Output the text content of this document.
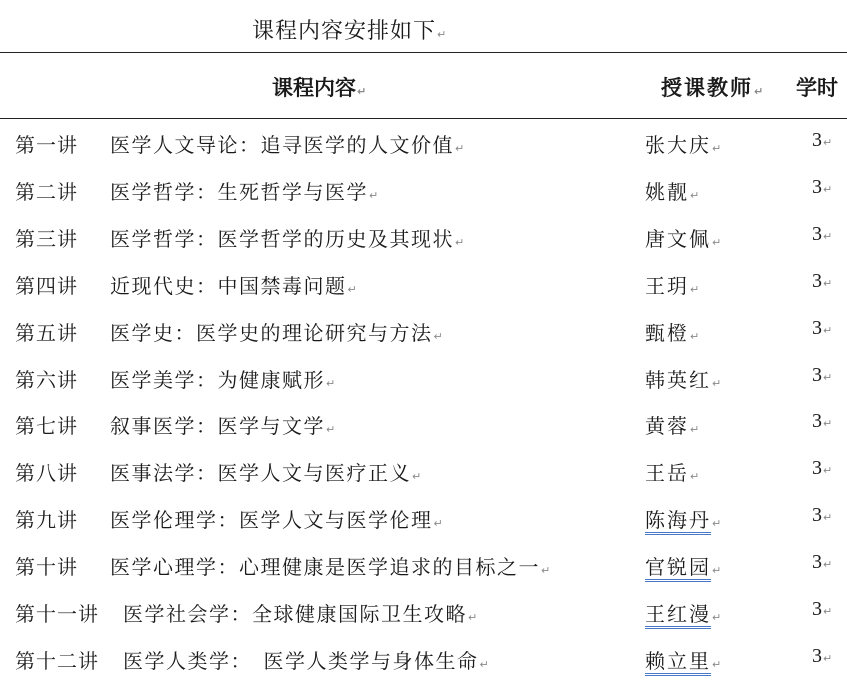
课程内容安排如下↵
课程内容↵	授课教师↵ 学时
第一讲 医学人文导论：追寻医学的人文价值↵	张大庆↵	3↵
第二讲 医学哲学：生死哲学与医学↵	姚靓↵	3↵
第三讲 医学哲学：医学哲学的历史及其现状↵	唐文佩↵	3↵
第四讲 近现代史：中国禁毒问题↵	王玥↵	3↵
第五讲 医学史：医学史的理论研究与方法↵	甄橙↵	3↵
第六讲 医学美学：为健康赋形↵	韩英红↵	3↵
第七讲 叙事医学：医学与文学↵	黄蓉↵	3↵
第八讲 医事法学：医学人文与医疗正义↵	王岳↵	3↵
第九讲 医学伦理学：医学人文与医学伦理↵	陈海丹↵	3↵
第十讲 医学心理学：心理健康是医学追求的目标之一↵	官锐园↵	3↵
第十一讲 医学社会学：全球健康国际卫生攻略↵	王红漫↵	3↵
第十二讲 医学人类学：　医学人类学与身体生命↵	赖立里↵	3↵
